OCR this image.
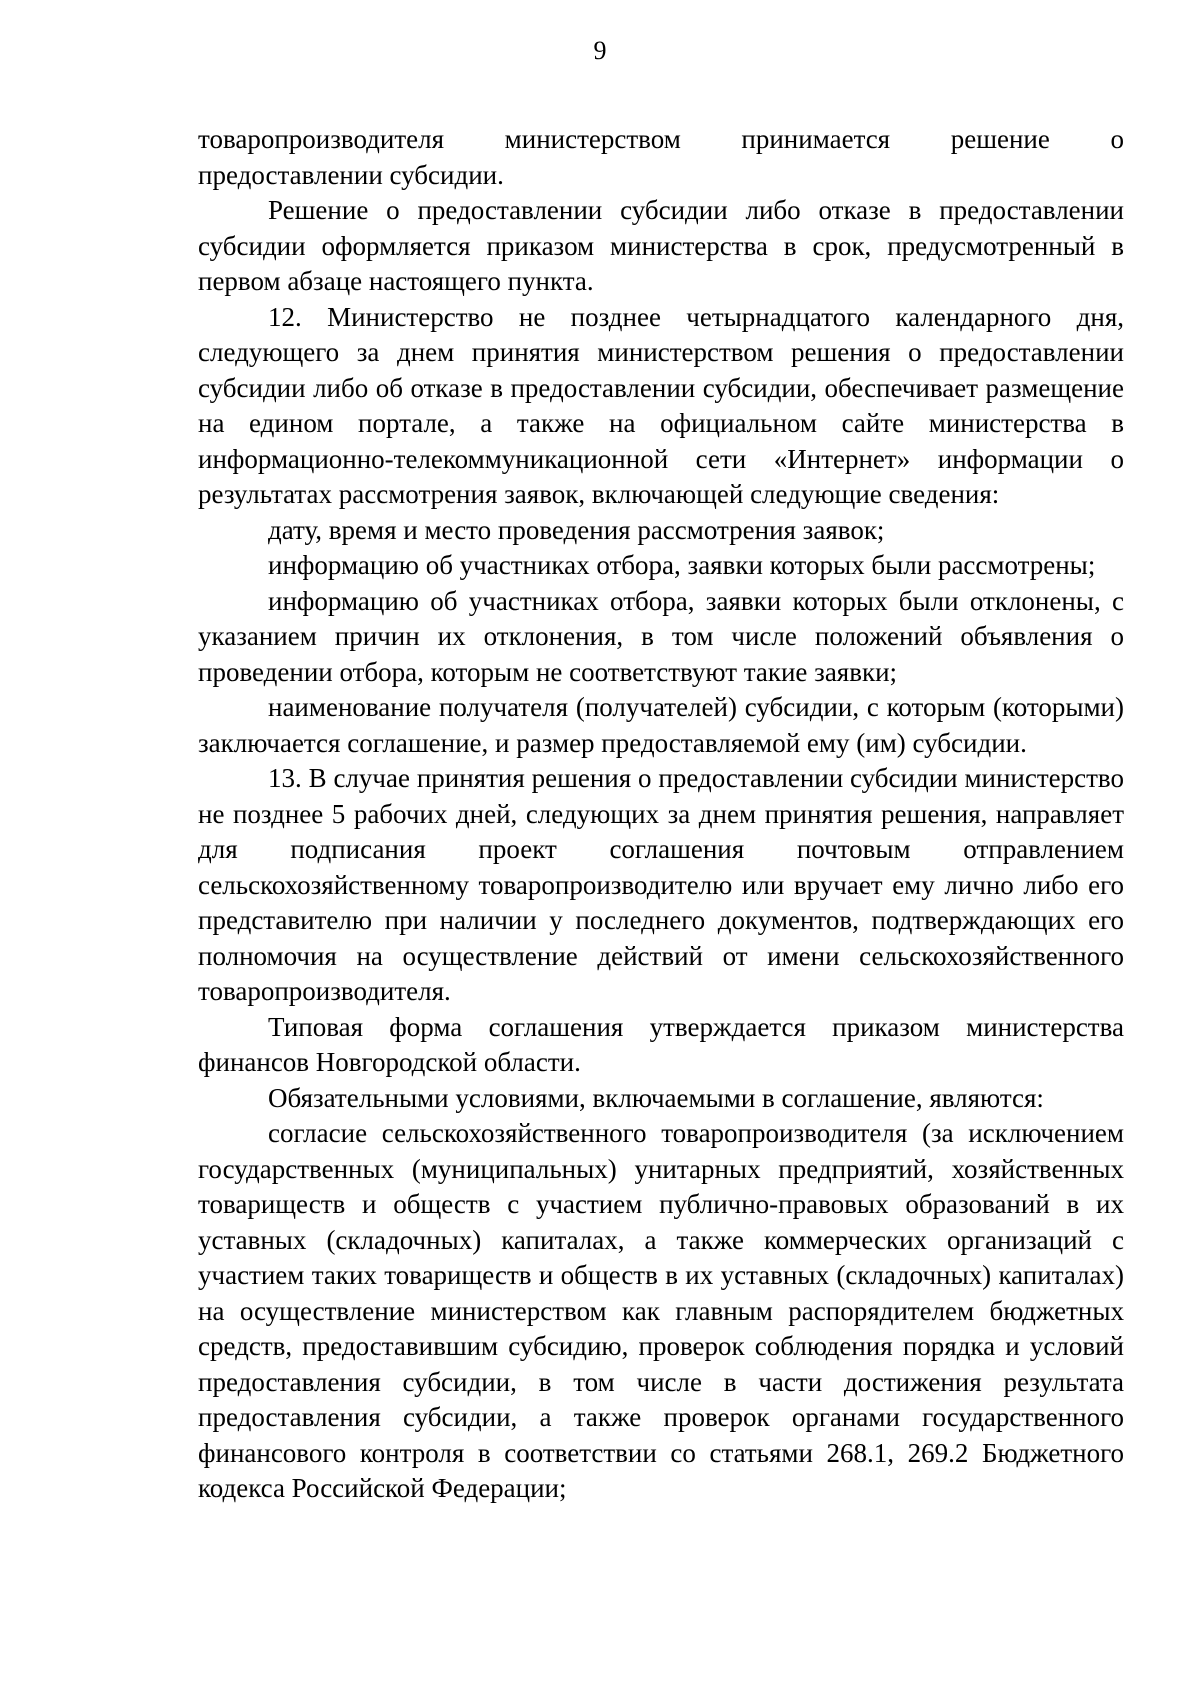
9

товаропроизводителя министерством принимается решение о

предоставлении субсидии.

Решение о предоставлении субсидии либо отказе в предоставлении субсидии оформляется приказом министерства в срок, предусмотренный в первом абзаце настоящего пункта.

12. Министерство не позднее четырнадцатого календарного дня, следующего за днем принятия министерством решения о предоставлении субсидии либо об отказе в предоставлении субсидии, обеспечивает размещение на едином портале, а также на официальном сайте министерства в информационно-телекоммуникационной сети «Интернет» информации о результатах рассмотрения заявок, включающей следующие сведения:

дату, время и место проведения рассмотрения заявок;

информацию об участниках отбора, заявки которых были рассмотрены;

информацию об участниках отбора, заявки которых были отклонены, с указанием причин их отклонения, в том числе положений объявления о проведении отбора, которым не соответствуют такие заявки;

наименование получателя (получателей) субсидии, с которым (которыми) заключается соглашение, и размер предоставляемой ему (им) субсидии.

13. В случае принятия решения о предоставлении субсидии министерство не позднее 5 рабочих дней, следующих за днем принятия решения, направляет для подписания проект соглашения почтовым отправлением сельскохозяйственному товаропроизводителю или вручает ему лично либо его представителю при наличии у последнего документов, подтверждающих его полномочия на осуществление действий от имени сельскохозяйственного товаропроизводителя.

Типовая форма соглашения утверждается приказом министерства финансов Новгородской области.

Обязательными условиями, включаемыми в соглашение, являются:

согласие сельскохозяйственного товаропроизводителя (за исключением государственных (муниципальных) унитарных предприятий, хозяйственных товариществ и обществ с участием публично-правовых образований в их уставных (складочных) капиталах, а также коммерческих организаций с участием таких товариществ и обществ в их уставных (складочных) капиталах) на осуществление министерством как главным распорядителем бюджетных средств, предоставившим субсидию, проверок соблюдения порядка и условий предоставления субсидии, в том числе в части достижения результата предоставления субсидии, а также проверок органами государственного финансового контроля в соответствии со статьями 268.1, 269.2 Бюджетного кодекса Российской Федерации;
